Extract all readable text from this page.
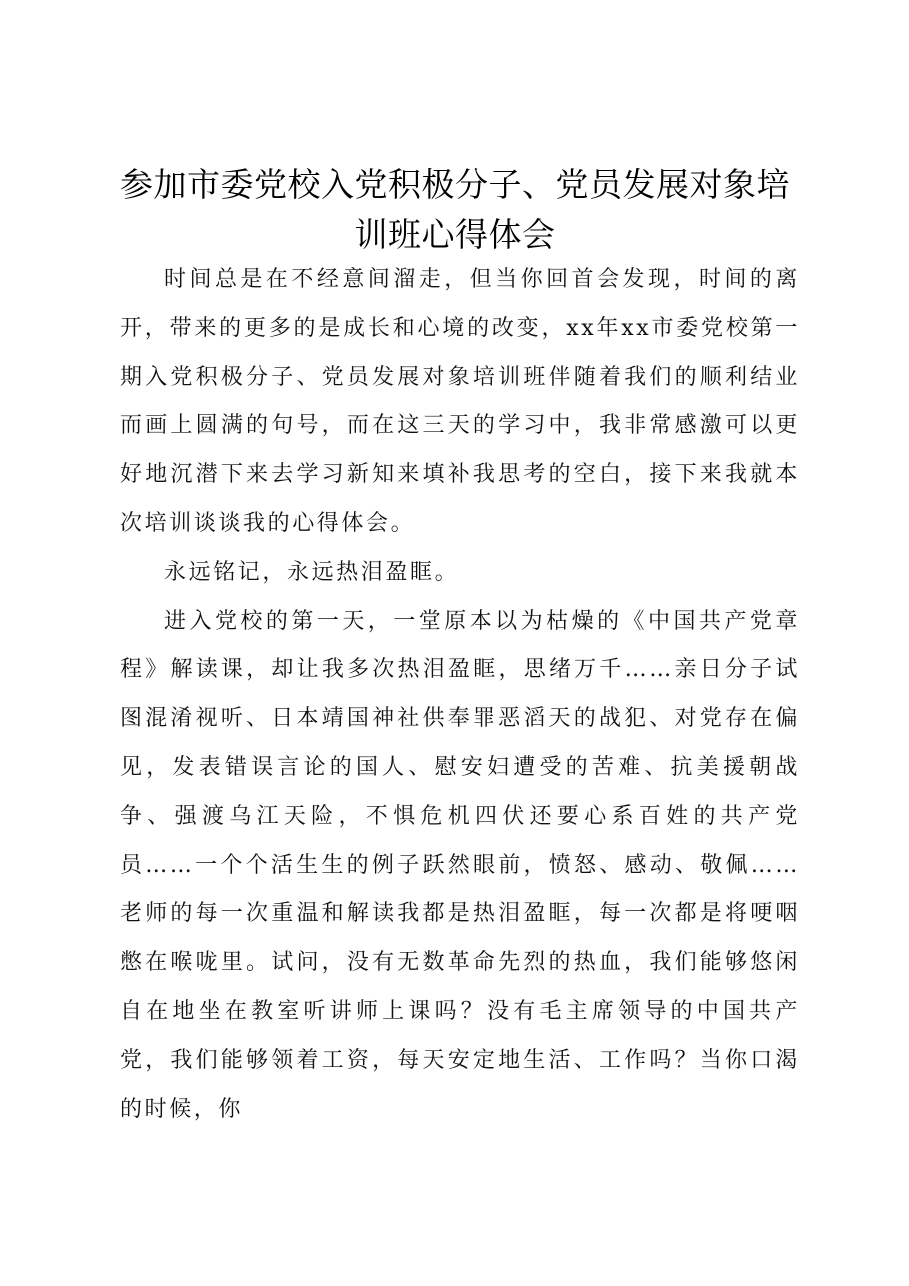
参加市委党校入党积极分子、党员发展对象培
训班心得体会

时间总是在不经意间溜走，但当你回首会发现，时间的离开，带来的更多的是成长和心境的改变，xx年xx市委党校第一期入党积极分子、党员发展对象培训班伴随着我们的顺利结业而画上圆满的句号，而在这三天的学习中，我非常感激可以更好地沉潜下来去学习新知来填补我思考的空白，接下来我就本次培训谈谈我的心得体会。

永远铭记，永远热泪盈眶。

进入党校的第一天，一堂原本以为枯燥的《中国共产党章程》解读课，却让我多次热泪盈眶，思绪万千……亲日分子试图混淆视听、日本靖国神社供奉罪恶滔天的战犯、对党存在偏见，发表错误言论的国人、慰安妇遭受的苦难、抗美援朝战争、强渡乌江天险，不惧危机四伏还要心系百姓的共产党员……一个个活生生的例子跃然眼前，愤怒、感动、敬佩……老师的每一次重温和解读我都是热泪盈眶，每一次都是将哽咽憋在喉咙里。试问，没有无数革命先烈的热血，我们能够悠闲自在地坐在教室听讲师上课吗？没有毛主席领导的中国共产党，我们能够领着工资，每天安定地生活、工作吗？当你口渴的时候，你
